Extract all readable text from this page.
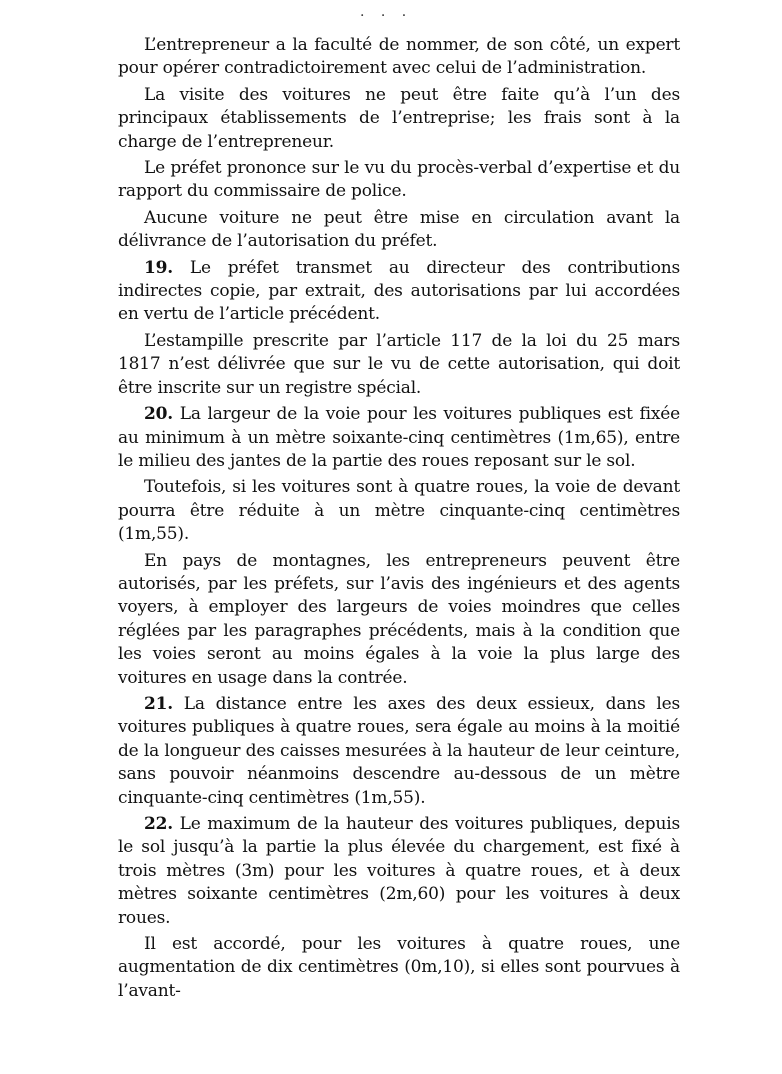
· · ·

L’entrepreneur a la faculté de nommer, de son côté, un expert pour opérer contradictoirement avec celui de l’administration.

La visite des voitures ne peut être faite qu’à l’un des principaux établissements de l’entreprise; les frais sont à la charge de l’entrepreneur.

Le préfet prononce sur le vu du procès-verbal d’expertise et du rapport du commissaire de police.

Aucune voiture ne peut être mise en circulation avant la délivrance de l’autorisation du préfet.

19. Le préfet transmet au directeur des contributions indirectes copie, par extrait, des autorisations par lui accordées en vertu de l’article précédent.

L’estampille prescrite par l’article 117 de la loi du 25 mars 1817 n’est délivrée que sur le vu de cette autorisation, qui doit être inscrite sur un registre spécial.

20. La largeur de la voie pour les voitures publiques est fixée au minimum à un mètre soixante-cinq centimètres (1m,65), entre le milieu des jantes de la partie des roues reposant sur le sol.

Toutefois, si les voitures sont à quatre roues, la voie de devant pourra être réduite à un mètre cinquante-cinq centimètres (1m,55).

En pays de montagnes, les entrepreneurs peuvent être autorisés, par les préfets, sur l’avis des ingénieurs et des agents voyers, à employer des largeurs de voies moindres que celles réglées par les paragraphes précédents, mais à la condition que les voies seront au moins égales à la voie la plus large des voitures en usage dans la contrée.

21. La distance entre les axes des deux essieux, dans les voitures publiques à quatre roues, sera égale au moins à la moitié de la longueur des caisses mesurées à la hauteur de leur ceinture, sans pouvoir néanmoins descendre au-dessous de un mètre cinquante-cinq centimètres (1m,55).

22. Le maximum de la hauteur des voitures publiques, depuis le sol jusqu’à la partie la plus élevée du chargement, est fixé à trois mètres (3m) pour les voitures à quatre roues, et à deux mètres soixante centimètres (2m,60) pour les voitures à deux roues.

Il est accordé, pour les voitures à quatre roues, une augmentation de dix centimètres (0m,10), si elles sont pourvues à l’avant-
